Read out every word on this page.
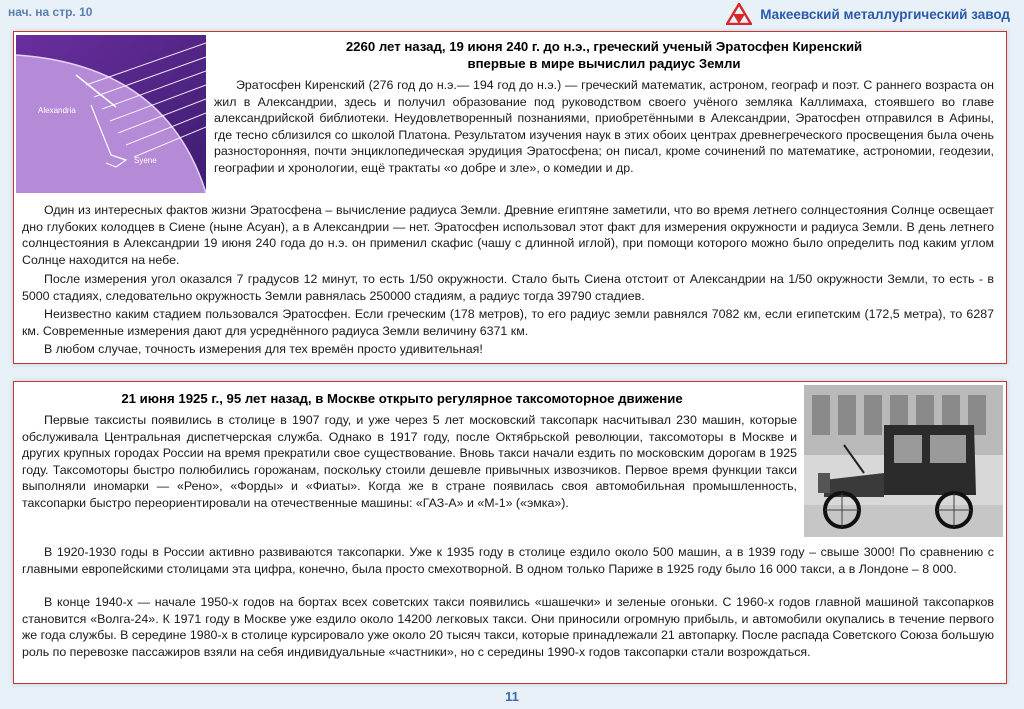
нач. на стр. 10	Макеевский металлургический завод
Alexandria
Syene
2260 лет назад, 19 июня 240 г. до н.э., греческий ученый Эратосфен Киренский
впервые в мире вычислил радиус Земли

Эратосфен Киренский (276 год до н.э.— 194 год до н.э.) — греческий математик, астроном, географ и поэт. С раннего возраста он жил в Александрии, здесь и получил образование под руководством своего учёного земляка Каллимаха, стоявшего во главе александрийской библиотеки. Неудовлетворенный познаниями, приобретёнными в Александрии, Эратосфен отправился в Афины, где тесно сблизился со школой Платона. Результатом изучения наук в этих обоих центрах древнегреческого просвещения была очень разносторонняя, почти энциклопедическая эрудиция Эратосфена; он писал, кроме сочинений по математике, астрономии, геодезии, географии и хронологии, ещё трактаты «о добре и зле», о комедии и др.

Один из интересных фактов жизни Эратосфена – вычисление радиуса Земли. Древние египтяне заметили, что во время летнего солнцестояния Солнце освещает дно глубоких колодцев в Сиене (ныне Асуан), а в Александрии — нет. Эратосфен использовал этот факт для измерения окружности и радиуса Земли. В день летнего солнцестояния в Александрии 19 июня 240 года до н.э. он применил скафис (чашу с длинной иглой), при помощи которого можно было определить под каким углом Солнце находится на небе.

После измерения угол оказался 7 градусов 12 минут, то есть 1/50 окружности. Стало быть Сиена отстоит от Александрии на 1/50 окружности Земли, то есть - в 5000 стадиях, следовательно окружность Земли равнялась 250000 стадиям, а радиус тогда 39790 стадиев.

Неизвестно каким стадием пользовался Эратосфен. Если греческим (178 метров), то его радиус земли равнялся 7082 км, если египетским (172,5 метра), то 6287 км. Современные измерения дают для усреднённого радиуса Земли величину 6371 км.

В любом случае, точность измерения для тех времён просто удивительная!

21 июня 1925 г., 95 лет назад, в Москве открыто регулярное таксомоторное движение

Первые таксисты появились в столице в 1907 году, и уже через 5 лет московский таксопарк насчитывал 230 машин, которые обслуживала Центральная диспетчерская служба. Однако в 1917 году, после Октябрьской революции, таксомоторы в Москве и других крупных городах России на время прекратили свое существование. Вновь такси начали ездить по московским дорогам в 1925 году. Таксомоторы быстро полюбились горожанам, поскольку стоили дешевле привычных извозчиков. Первое время функции такси выполняли иномарки — «Рено», «Форды» и «Фиаты». Когда же в стране появилась своя автомобильная промышленность, таксопарки быстро переориентировали на отечественные машины: «ГАЗ-А» и «М-1» («эмка»).

В 1920-1930 годы в России активно развиваются таксопарки. Уже к 1935 году в столице ездило около 500 машин, а в 1939 году – свыше 3000! По сравнению с главными европейскими столицами эта цифра, конечно, была просто смехотворной. В одном только Париже в 1925 году было 16 000 такси, а в Лондоне – 8 000.

В конце 1940-х — начале 1950-х годов на бортах всех советских такси появились «шашечки» и зеленые огоньки. С 1960-х годов главной машиной таксопарков становится «Волга-24». К 1971 году в Москве уже ездило около 14200 легковых такси. Они приносили огромную прибыль, и автомобили окупались в течение первого же года службы. В середине 1980-х в столице курсировало уже около 20 тысяч такси, которые принадлежали 21 автопарку. После распада Советского Союза большую роль по перевозке пассажиров взяли на себя индивидуальные «частники», но с середины 1990-х годов таксопарки стали возрождаться.

11
